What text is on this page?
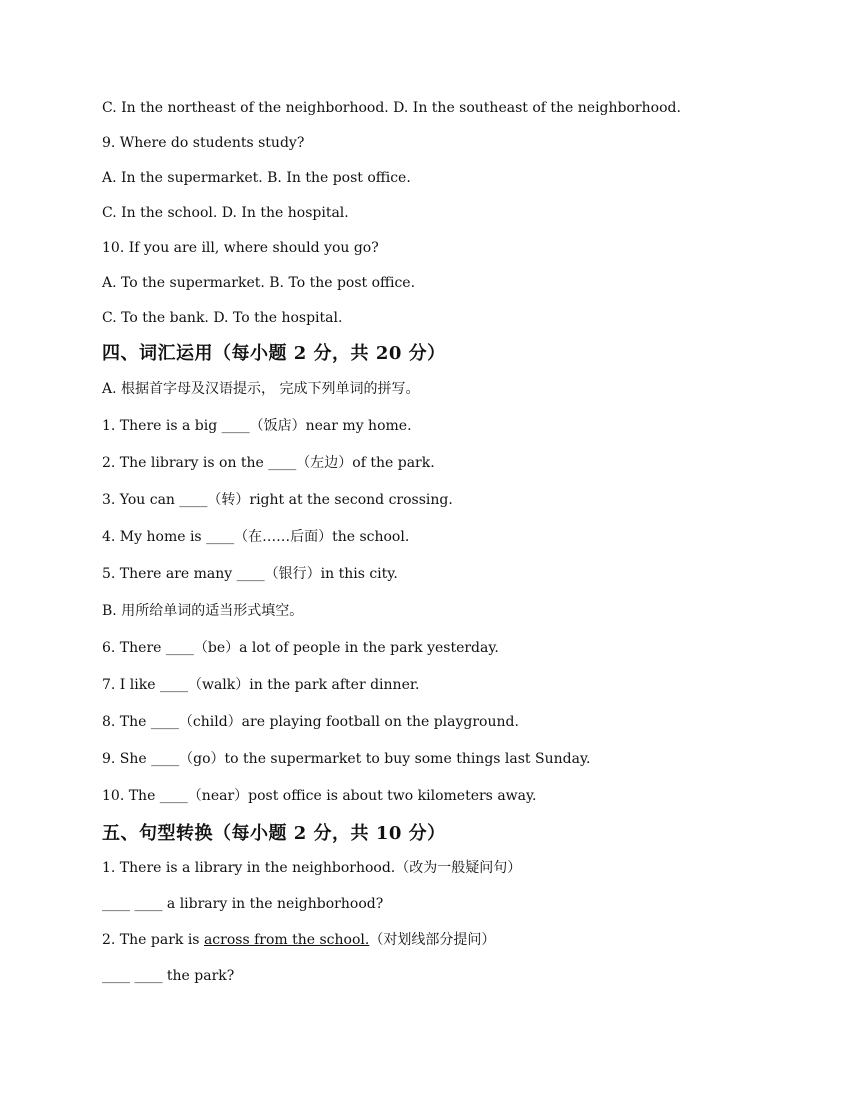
C. In the northeast of the neighborhood. D. In the southeast of the neighborhood.

9. Where do students study?

A. In the supermarket. B. In the post office.

C. In the school. D. In the hospital.

10. If you are ill, where should you go?

A. To the supermarket. B. To the post office.

C. To the bank. D. To the hospital.

四、词汇运用（每小题 2 分，共 20 分）

A. 根据首字母及汉语提示， 完成下列单词的拼写。

1. There is a big ____（饭店）near my home.

2. The library is on the ____（左边）of the park.

3. You can ____（转）right at the second crossing.

4. My home is ____（在……后面）the school.

5. There are many ____（银行）in this city.

B. 用所给单词的适当形式填空。

6. There ____（be）a lot of people in the park yesterday.

7. I like ____（walk）in the park after dinner.

8. The ____（child）are playing football on the playground.

9. She ____（go）to the supermarket to buy some things last Sunday.

10. The ____（near）post office is about two kilometers away.

五、句型转换（每小题 2 分，共 10 分）

1. There is a library in the neighborhood.（改为一般疑问句）

____ ____ a library in the neighborhood?

2. The park is across from the school.（对划线部分提问）

____ ____ the park?
